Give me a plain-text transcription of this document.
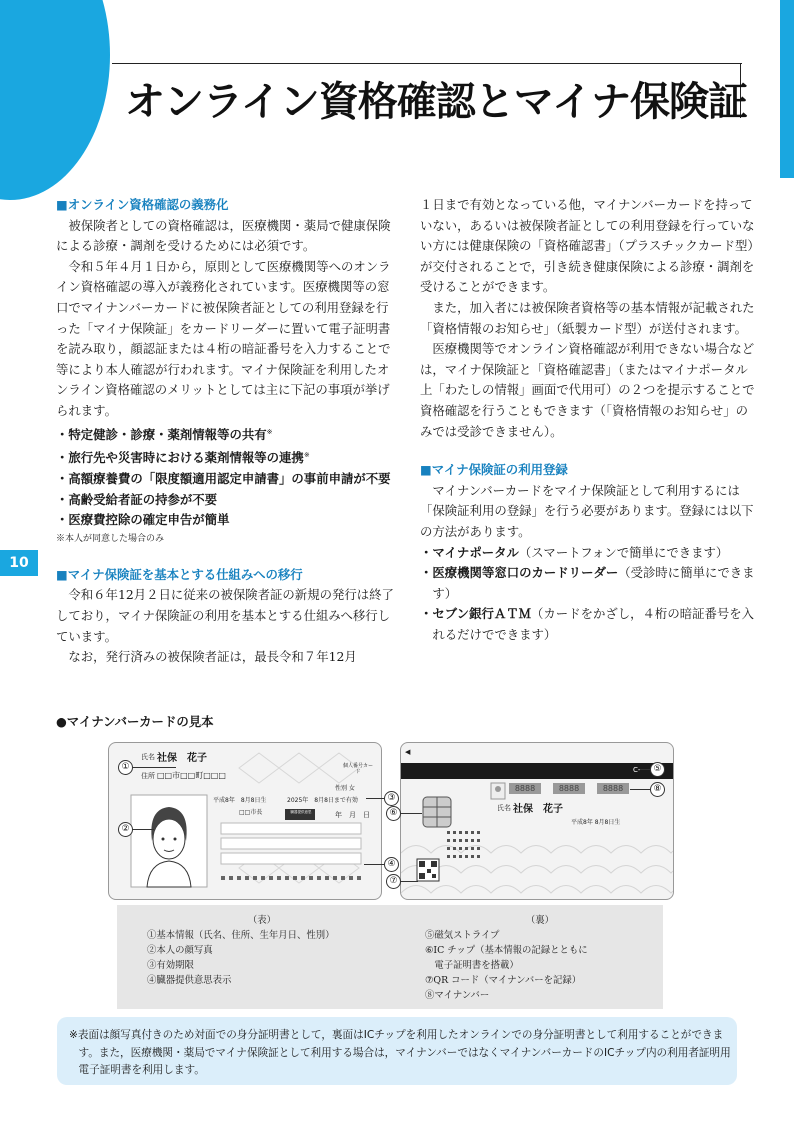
オンライン資格確認とマイナ保険証
■オンライン資格確認の義務化

被保険者としての資格確認は，医療機関・薬局で健康保険による診療・調剤を受けるためには必須です。

令和５年４月１日から，原則として医療機関等へのオンライン資格確認の導入が義務化されています。医療機関等の窓口でマイナンバーカードに被保険者証としての利用登録を行った「マイナ保険証」をカードリーダーに置いて電子証明書を読み取り，顔認証または４桁の暗証番号を入力することで等により本人確認が行われます。マイナ保険証を利用したオンライン資格確認のメリットとしては主に下記の事項が挙げられます。

・特定健診・診療・薬剤情報等の共有※
・旅行先や災害時における薬剤情報等の連携※
・高額療養費の「限度額適用認定申請書」の事前申請が不要
・高齢受給者証の持参が不要
・医療費控除の確定申告が簡単
※本人が同意した場合のみ
■マイナ保険証を基本とする仕組みへの移行

令和６年12月２日に従来の被保険者証の新規の発行は終了しており，マイナ保険証の利用を基本とする仕組みへ移行しています。

なお，発行済みの被保険者証は，最長令和７年12月

１日まで有効となっている他，マイナンバーカードを持っていない，あるいは被保険者証としての利用登録を行っていない方には健康保険の「資格確認書」（プラスチックカード型）が交付されることで，引き続き健康保険による診療・調剤を受けることができます。

また，加入者には被保険者資格等の基本情報が記載された「資格情報のお知らせ」（紙製カード型）が送付されます。

医療機関等でオンライン資格確認が利用できない場合などは，マイナ保険証と「資格確認書」（またはマイナポータル上「わたしの情報」画面で代用可）の２つを提示することで資格確認を行うこともできます（「資格情報のお知らせ」のみでは受診できません）。

■マイナ保険証の利用登録

マイナンバーカードをマイナ保険証として利用するには「保険証利用の登録」を行う必要があります。登録には以下の方法があります。

・マイナポータル（スマートフォンで簡単にできます）
・医療機関等窓口のカードリーダー（受診時に簡単にできます）
・セブン銀行ＡＴＭ（カードをかざし，４桁の暗証番号を入れるだけでできます）
10
●マイナンバーカードの見本
氏名 社保　花子
住所 □□市□□町□□□
個人番号カード
性別 女
平成8年　8月8日生	2025年　8月8日まで有効
□□市長	臓器提供意思	年　月　日
◀
C-
8888	8888	8888
氏名 社保　花子
平成8年 8月8日生
①
②
③
④
⑤
⑥
⑦
⑧
（表）
①基本情報（氏名、住所、生年月日、性別）
②本人の顔写真
③有効期限
④臓器提供意思表示
（裏）
⑤磁気ストライプ
⑥IC チップ（基本情報の記録とともに
電子証明書を搭載）
⑦QR コード（マイナンバーを記録）
⑧マイナンバー
※表面は顔写真付きのため対面での身分証明書として，裏面はICチップを利用したオンラインでの身分証明書として利用することができます。また，医療機関・薬局でマイナ保険証として利用する場合は，マイナンバーではなくマイナンバーカードのICチップ内の利用者証明用電子証明書を利用します。
